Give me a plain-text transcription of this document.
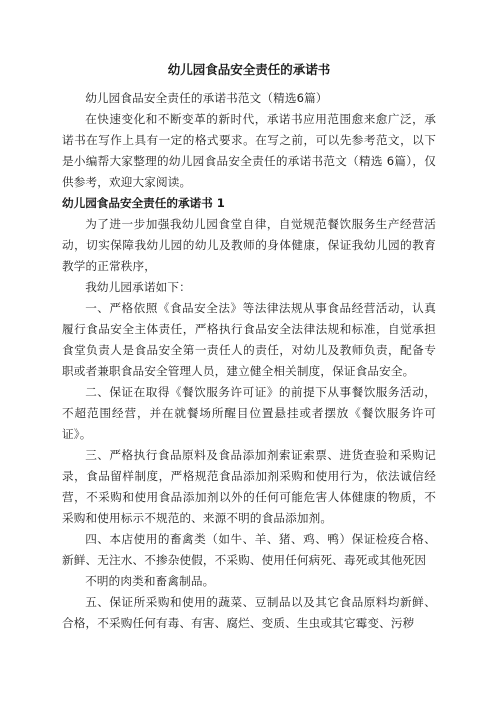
幼儿园食品安全责任的承诺书

幼儿园食品安全责任的承诺书范文（精选6篇）

在快速变化和不断变革的新时代，承诺书应用范围愈来愈广泛，承诺书在写作上具有一定的格式要求。在写之前，可以先参考范文，以下是小编帮大家整理的幼儿园食品安全责任的承诺书范文（精选 6篇），仅供参考，欢迎大家阅读。

幼儿园食品安全责任的承诺书 1

为了进一步加强我幼儿园食堂自律，自觉规范餐饮服务生产经营活动，切实保障我幼儿园的幼儿及教师的身体健康，保证我幼儿园的教育教学的正常秩序，

我幼儿园承诺如下：

一、严格依照《食品安全法》等法律法规从事食品经营活动，认真履行食品安全主体责任，严格执行食品安全法律法规和标准，自觉承担食堂负责人是食品安全第一责任人的责任，对幼儿及教师负责，配备专职或者兼职食品安全管理人员，建立健全相关制度，保证食品安全。

二、保证在取得《餐饮服务许可证》的前提下从事餐饮服务活动，不超范围经营，并在就餐场所醒目位置悬挂或者摆放《餐饮服务许可证》。

三、严格执行食品原料及食品添加剂索证索票、进货查验和采购记录，食品留样制度，严格规范食品添加剂采购和使用行为，依法诚信经营，不采购和使用食品添加剂以外的任何可能危害人体健康的物质，不采购和使用标示不规范的、来源不明的食品添加剂。

四、本店使用的畜禽类（如牛、羊、猪、鸡、鸭）保证检疫合格、新鲜、无注水、不掺杂使假，不采购、使用任何病死、毒死或其他死因

不明的肉类和畜禽制品。

五、保证所采购和使用的蔬菜、豆制品以及其它食品原料均新鲜、合格，不采购任何有毒、有害、腐烂、变质、生虫或其它霉变、污秽
